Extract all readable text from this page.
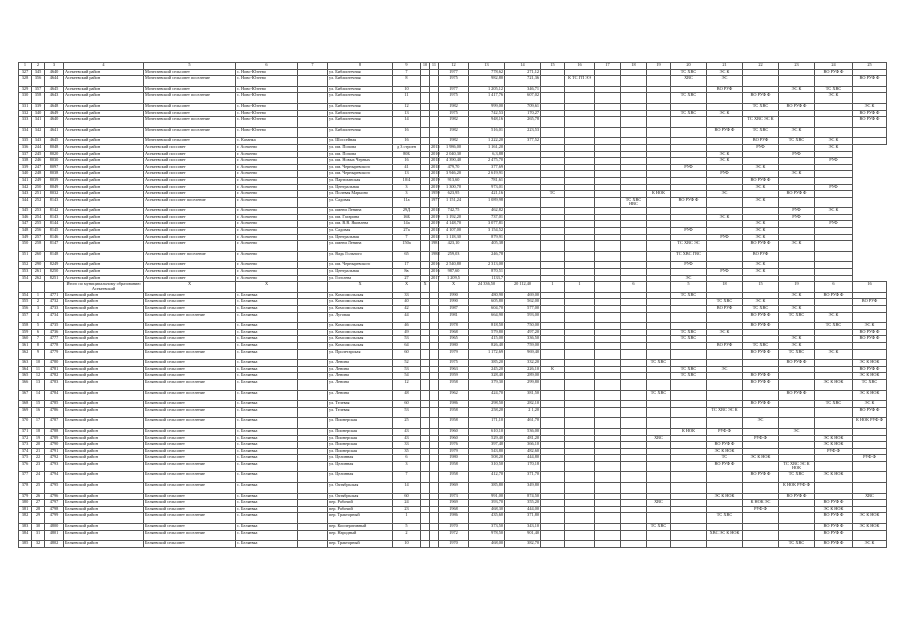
1	2	3	4	5	6	7	8	9	10	11	12	13	14	15	16	17	18	19	20	21	22	23	24	25
327	345	4640	Асекеевский район	Мочегаевский сельсовет	с. Ново-Юзеево		ул. Библиотечная	7			1977	778,62	271,12						ТС ХВС	ЭС К			ВО РУФ Ф	
328	356	4644	Асекеевский район	Мочегаевский сельсовет поселение	с. Ново-Юзеево		ул. Библиотечная	8			1975	982,80	721,36		К ТС ГП ЭЭ				ХВС	ЭС				ВО РУФ Ф
329	357	4645	Асекеевский район	Мочегаевский сельсовет	с. Ново-Юзеево		ул. Библиотечная	10			1977	1 205,12	346,71							ВО РУФ		ЭС К	ТС ХВС	
330	358	4643	Асекеевский район	Мочегаевский сельсовет поселение	с. Ново-Юзеево		ул. Библиотечная	11			1975	1 417,76	607,02						ТС ХВС		ВО РУФ Ф		ЭС К	
331	339	4648	Асекеевский район	Мочегаевский сельсовет	с. Ново-Юзеево		ул. Библиотечная	12			1982	999,00	709,61								ТС ХВС	ВО РУФ Ф		ЭС К
332	340	4649	Асекеевский район	Мочегаевский сельсовет	с. Ново-Юзеево		ул. Библиотечная	13			1975	742,53	170,27						ТС ХВС	ЭС К				ВО РУФ Ф
333	341	4640	Асекеевский район	Мочегаевский сельсовет поселение	с. Ново-Юзеево		ул. Библиотечная	14			1982	948,16	265,78								ТС ХВС ЭС К			ВО РУФ Ф
334	342	4641	Асекеевский район	Мочегаевский сельсовет поселение	с. Ново-Юзеево		ул. Библиотечная	16			1982	516,01	223,53							ВО РУФ Ф	ТС ХВС	ЭС К		
335	343	4645	Асекеевский район	Мочегаевский сельсовет	с. Казанка		ул. Шоссейная	16			1982	1 222,20	377,52								ВО РУФ	ТС ХВС	ЭС К	
336	244	8048	Асекеевский район	Асекеевский поссовет	г. Асекеево		ул. им. Попова	д 3 строен		2015	1 986,00	1 161,20									РУФ		ЭС К	
337	245	8020	Асекеевский район	Асекеевский поссовет	г. Асекеево		ул. им. Попова	80Б		2010	2 040,30	6,3,88								ЭС К		РУФ		
338	246	8030	Асекеевский район	Асекеевский поссовет	г. Асекеево		ул. им. Новых Черных	16		2018	4 390,40	2 475,70								ЭС К			РУФ	
339	247	8097	Асекеевский район	Асекеевский поссовет	г. Асекеево		ул. им. Черныревского	41		2018	479,70	377,69							РУФ		ЭС К			
340	248	8038	Асекеевский район	Асекеевский поссовет	г. Асекеево		ул. им. Черныревского	13		2018	3 946,20	2 619,91								РУФ		ЭС К		
341	249	8039	Асекеевский район	Асекеевский поссовет	г. Асекеево		ул. Партизанская	10/4		2019	913,60	781,61									ВО РУФ Ф			
342	250	8049	Асекеевский район	Асекеевский поссовет	г. Асекеево		ул. Центральная	3		2019	1 300,70	973,01									ЭС К		РУФ	
343	251	8032	Асекеевский район	Асекеевский поссовет	г. Асекеево		ул. Полевая Марьино	3		1959	623,95	421,16		ТС				К НОК		ЭС		ВО РУФ Ф		
344	252	8143	Асекеевский район	Асекеевский поссовет поселение	г. Асекеево		ул. Садовая	11а		1977	1 151,24	1 089,98					ТС ХВС НВС		ВО РУФ Ф		ЭС К			
345	253	8142	Асекеевский район	Асекеевский поссовет	г. Асекеево		ул. имени Ленина	29Д		2018	742,75	462,82										РУФ	ЭС К	
346	254	8143	Асекеевский район	Асекеевский поссовет	г. Асекеево		ул. им. Гагарина	16Б		2019	1 192,20	737,01								ЭС К		РУФ		
347	255	8144	Асекеевский район	Асекеевский поссовет	г. Асекеево		ул. им. В.В. Яковлева	14а		2019	4 148,70	3 077,81									ЭС К		РУФ	
348	256	8145	Асекеевский район	Асекеевский поссовет	г. Асекеево		ул. Садовая	27а		2018	4 107,00	3 154,52							РУФ		ЭС К			
349	257	8146	Асекеевский район	Асекеевский поссовет	г. Асекеево		ул. Центральная	7		2018	1 118,30	879,91								РУФ	ЭС К			
350	258	8147	Асекеевский район	Асекеевский поссовет	г. Асекеево		ул. имени Ленина	150а		1981	423,10	405,38							ТС ХВС ЭС		ВО РУФ Ф	ЭС К		
351	260	8148	Асекеевский район	Асекеевский поссовет поселение	г. Асекеево		ул. Вадь Гольного	65		1988	259,03	246,78							ТС ХВС ГВС		ВО РУФ			
352	290	8249	Асекеевский район	Асекеевский поссовет	г. Асекеево		ул. им. Черныревского	17		2016	2 540,80	2 313,00							РУФ		ЭС К			
353	261	8250	Асекеевский район	Асекеевский поссовет	г. Асекеево		ул. Центральная	8в		2016	987,60	870,51								РУФ	ЭС К			
354	262	8251	Асекеевский район	Асекеевский поссовет	г. Асекеево		ул. Гоголева	27		2017	1 209,5	1133,7							ЭС					
			Итого по муниципальному образованию Асекеевский	X	X		X	X	X		X	24 336,50	20 112,40	1	1		6		5	18	15	19	6	16
354	1	4771	Беляевский район	Беляевский сельсовет	с. Беляевка		ул. Комсомольская	33			1990	480,90	469,00						ТС ХВС			ЭС К	ВО РУФ Ф	
355	2	4732	Беляевский район	Беляевский сельсовет	с. Беляевка		ул. Комсомольская	40			1990	605,80	562,00							ТС ХВС	ЭС К			ВО РУФ
356	3	4733	Беляевский район	Беляевский сельсовет	с. Беляевка		ул. Комсомольская	42			1987	604,70	577,00							ВО РУФ	ТС ХВС	ЭС К		
357	4	4734	Беляевский район	Беляевский сельсовет поселение	с. Беляевка		ул. Луговая	44			1981	664,90	593,00								ВО РУФ Ф	ТС ХВС	ЭС К	
358	5	4735	Беляевский район	Беляевский сельсовет	с. Беляевка		ул. Комсомольская	46			1978	818,50	750,00								ВО РУФ Ф		ТС ХВС	ЭС К
359	6	4736	Беляевский район	Беляевский сельсовет	с. Беляевка		ул. Комсомольская	49			1968	579,80	497,20						ТС ХВС	ЭС К				ВО РУФ Ф
360	7	4777	Беляевский район	Беляевский сельсовет	с. Беляевка		ул. Комсомольская	53			1965	415,00	336,50						ТС ХВС			ЭС К		ВО РУФ Ф
361	8	4778	Беляевский район	Беляевский сельсовет	с. Беляевка		ул. Комсомольская	64			1980	826,40	759,00							ВО РУФ	ТС ХВС	ЭС К		
362	9	4779	Беляевский район	Беляевский сельсовет поселение	с. Беляевка		ул. Пролетарская	60			1979	1 172,69	969,40								ВО РУФ Ф	ТС ХВС	ЭС К	
363	10	4780	Беляевский район	Беляевский сельсовет	с. Беляевка		ул. Ленина	52			1975	385,20	332,20					ТС ХВС				ВО РУФ Ф		ЭС К НОК
364	11	4781	Беляевский район	Беляевский сельсовет	с. Беляевка		ул. Ленина	53			1963	245,20	226,10	К					ТС ХВС	ЭС				ВО РУФ Ф
365	12	4782	Беляевский район	Беляевский сельсовет	с. Беляевка		ул. Ленина	54			1959	328,40	289,00						ТС ХВС		ВО РУФ Ф			ЭС К НОК
366	13	4783	Беляевский район	Беляевский сельсовет поселение	с. Беляевка		ул. Ленина	12			1958	379,30	299,80								ВО РУФ Ф		ЭС К НОК	ТС ХВС
367	14	4784	Беляевский район	Беляевский сельсовет поселение	с. Беляевка		ул. Ленина	48			1962	424,70	381,50					ТС ХВС				ВО РУФ Ф		ЭС К НОК
368	15	4785	Беляевский район	Беляевский сельсовет	с. Беляевка		ул. Телевая	60			1986	298,50	282,10								ВО РУФ Ф		ТС ХВС	ЭС К
369	16	4786	Беляевский район	Беляевский сельсовет поселение	с. Беляевка		ул. Телевая	53			1958	258,20	2 1,20							ТС ХВС ЭС К				ВО РУФ Ф
370	17	4787	Беляевский район	Беляевский сельсовет поселение	с. Беляевка		ул. Пионерская	25			1958	171,10	461,70								ЭС			К НОК РУФ Ф
371	18	4788	Беляевский район	Беляевский сельсовет	с. Беляевка		ул. Пионерская	43			1960	610,10	536,00						К НОК	РУФ Ф		ЭС		
372	19	4789	Беляевский район	Беляевский сельсовет	с. Беляевка		ул. Пионерская	43			1960	529,40	481,20					ХВС			РУФ Ф		ЭС К НОК	
373	20	4790	Беляевский район	Беляевский сельсовет	с. Беляевка		ул. Пионерская	33			1976	397,40	366,10							ВО РУФ Ф			ЭС К НОК	
374	21	4791	Беляевский район	Беляевский сельсовет	с. Беляевка		ул. Пионерская	35			1979	543,80	482,60							ЭС К НОК			РУФ Ф	
375	22	4792	Беляевский район	Беляевский сельсовет	с. Беляевка		ул. Целинная	6			1980	508,20	444,80							ТС	ЭС К НОК			РУФ Ф
376	23	4793	Беляевский район	Беляевский сельсовет поселение	с. Беляевка		ул. Целинная	3			1958	310,50	170,18							ВО РУФ Ф		ТС ХВС ЭС К НОК		
377	24	4794	Беляевский район	Беляевский сельсовет поселение	с. Беляевка		ул. Целинная	7			1958	412,70	371,70								ВО РУФ Ф	ТС ХВС	ЭС К НОК	
378	25	4795	Беляевский район	Беляевский сельсовет поселение	с. Беляевка		ул. Октябрьская	14			1969	385,80	349,80									К НОК РУФ Ф		
379	26	4796	Беляевский район	Беляевский сельсовет	с. Беляевка		ул. Октябрьская	60			1973	991,00	874,50							ЭС К НОК		ВО РУФ Ф		ХВС
380	27	4797	Беляевский район	Беляевский сельсовет	с. Беляевка		пер. Рабочий	24			1969	393,70	355,20					ХВС			К НОК ЭС		ВО РУФ Ф	
381	28	4798	Беляевский район	Беляевский сельсовет	с. Беляевка		пер. Рабочий	23			1968	468,30	444,00								РУФ Ф		ЭС К НОК	
382	29	4799	Беляевский район	Беляевский сельсовет поселение	с. Беляевка		пер. Тракторный	1			1986	435,60	371,80							ТС ХВС			ВО РУФ Ф	ЭС К НОК
383	30	4800	Беляевский район	Беляевский сельсовет	с. Беляевка		пер. Кооперативный	5			1970	373,50	343,10					ТС ХВС					ВО РУФ Ф	ЭС К НОК
384	31	4801	Беляевский район	Беляевский сельсовет поселение	с. Беляевка		пер. Народный	2			1972	978,50	901,40							ХВС ЭС К НОК			ВО РУФ Ф	
385	32	4802	Беляевский район	Беляевский сельсовет	с. Беляевка		пер. Тракторный	10			1970	468,00	382,70									ТС ХВС	ВО РУФ Ф	ЭС К
